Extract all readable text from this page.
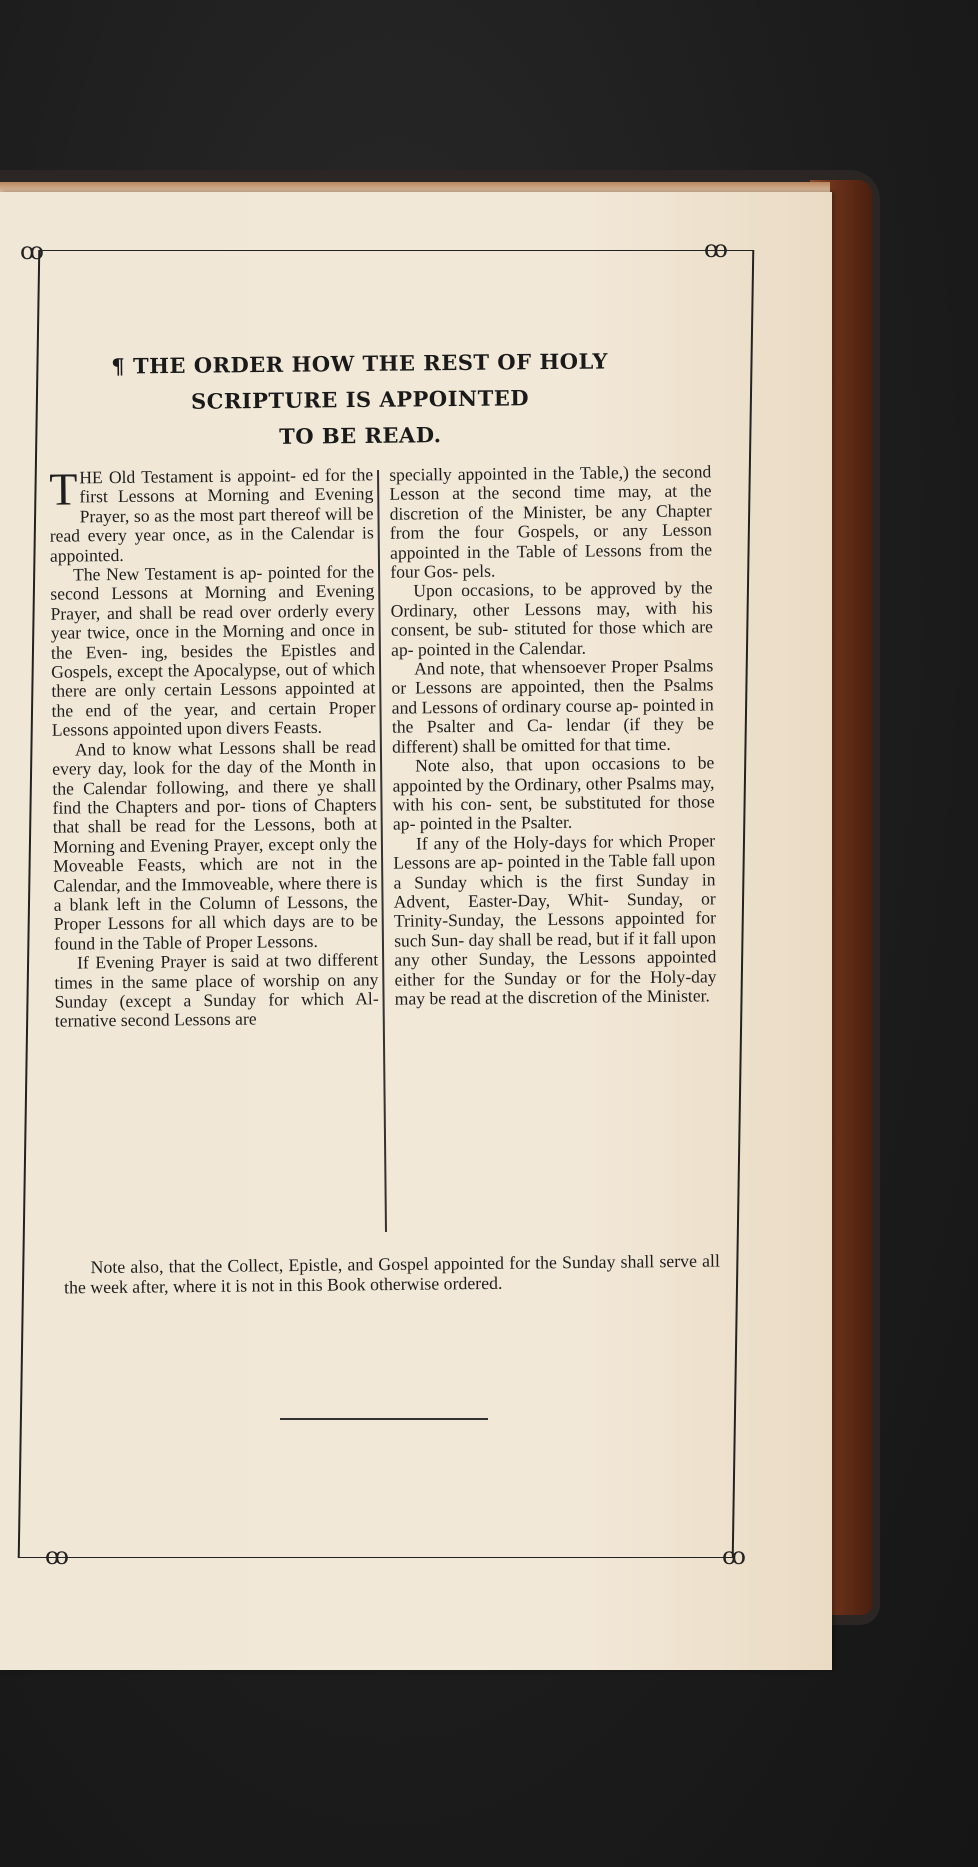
ꝏ	ꝏ
ꝏ	ꝏ
¶ THE ORDER HOW THE REST OF HOLY
SCRIPTURE IS APPOINTED
TO BE READ.

THE Old Testament is appoint- ed for the first Lessons at Morning and Evening Prayer, so as the most part thereof will be read every year once, as in the Calendar is appointed.

The New Testament is ap- pointed for the second Lessons at Morning and Evening Prayer, and shall be read over orderly every year twice, once in the Morning and once in the Even- ing, besides the Epistles and Gospels, except the Apocalypse, out of which there are only certain Lessons appointed at the end of the year, and certain Proper Lessons appointed upon divers Feasts.

And to know what Lessons shall be read every day, look for the day of the Month in the Calendar following, and there ye shall find the Chapters and por- tions of Chapters that shall be read for the Lessons, both at Morning and Evening Prayer, except only the Moveable Feasts, which are not in the Calendar, and the Immoveable, where there is a blank left in the Column of Lessons, the Proper Lessons for all which days are to be found in the Table of Proper Lessons.

If Evening Prayer is said at two different times in the same place of worship on any Sunday (except a Sunday for which Al- ternative second Lessons are

specially appointed in the Table,) the second Lesson at the second time may, at the discretion of the Minister, be any Chapter from the four Gospels, or any Lesson appointed in the Table of Lessons from the four Gos- pels.

Upon occasions, to be approved by the Ordinary, other Lessons may, with his consent, be sub- stituted for those which are ap- pointed in the Calendar.

And note, that whensoever Proper Psalms or Lessons are appointed, then the Psalms and Lessons of ordinary course ap- pointed in the Psalter and Ca- lendar (if they be different) shall be omitted for that time.

Note also, that upon occasions to be appointed by the Ordinary, other Psalms may, with his con- sent, be substituted for those ap- pointed in the Psalter.

If any of the Holy-days for which Proper Lessons are ap- pointed in the Table fall upon a Sunday which is the first Sunday in Advent, Easter-Day, Whit- Sunday, or Trinity-Sunday, the Lessons appointed for such Sun- day shall be read, but if it fall upon any other Sunday, the Lessons appointed either for the Sunday or for the Holy-day may be read at the discretion of the Minister.

Note also, that the Collect, Epistle, and Gospel appointed for the Sunday shall serve all the week after, where it is not in this Book otherwise ordered.
